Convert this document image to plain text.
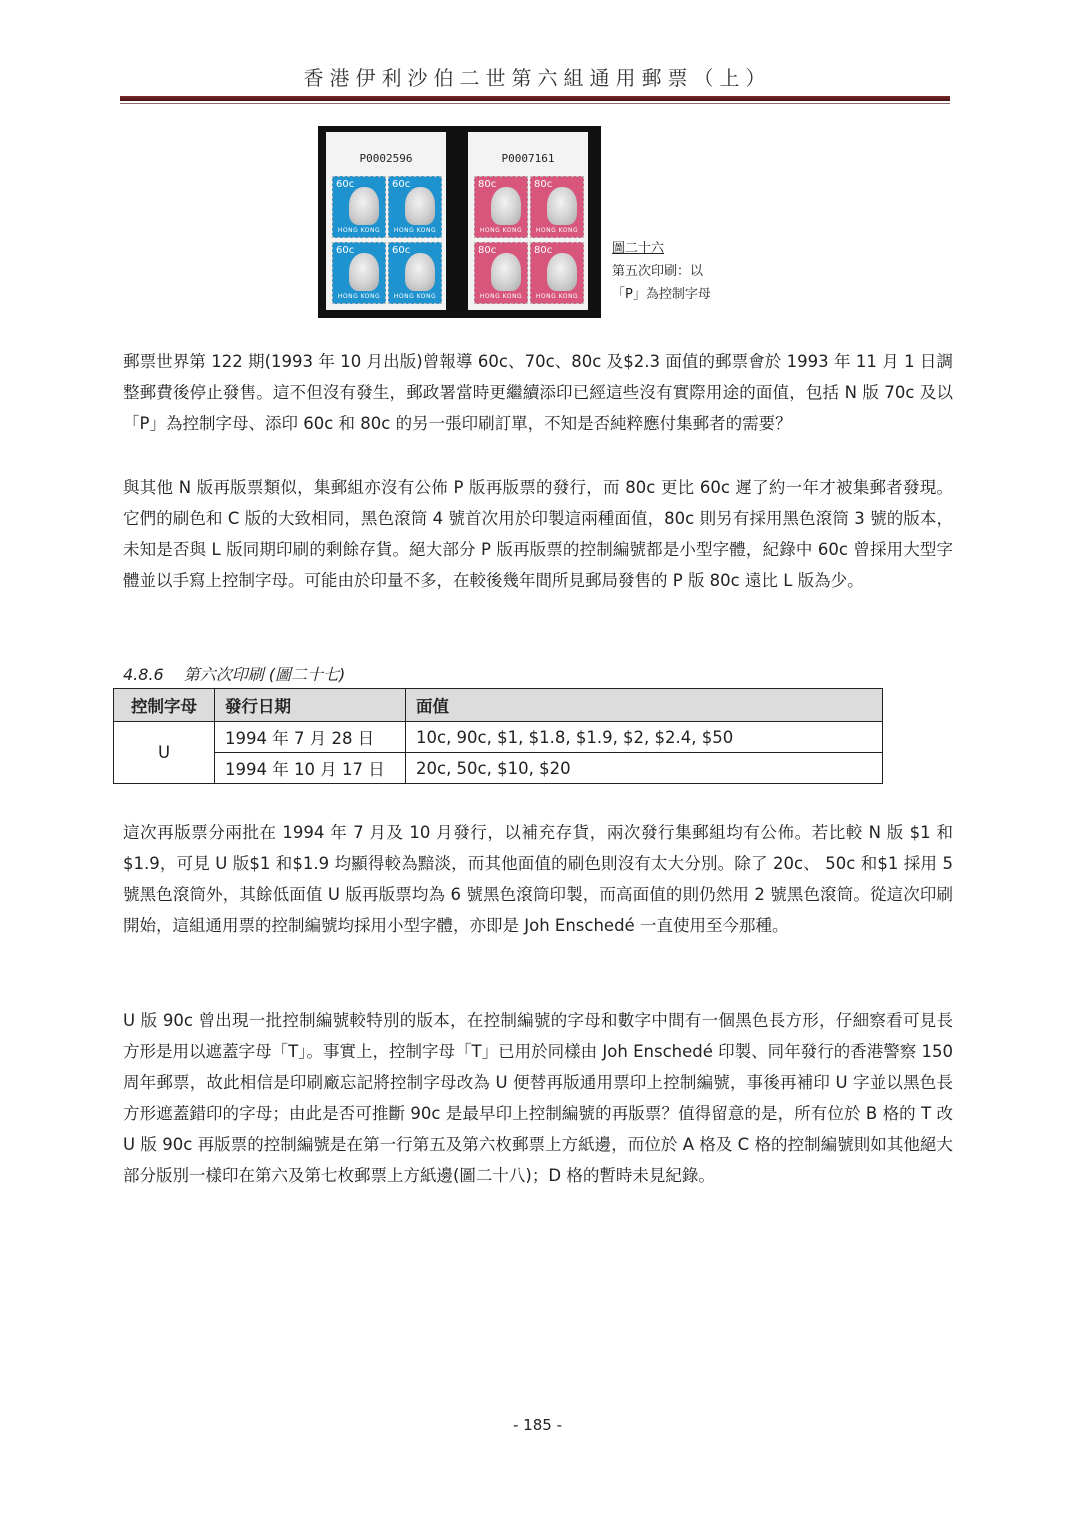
香港伊利沙伯二世第六組通用郵票（上）
P0002596
60c
HONG KONG
60c
HONG KONG
60c
HONG KONG
60c
HONG KONG
P0007161
80c
HONG KONG
80c
HONG KONG
80c
HONG KONG
80c
HONG KONG
圖二十六
第五次印刷：以
「P」為控制字母

郵票世界第 122 期(1993 年 10 月出版)曾報導 60c、70c、80c 及$2.3 面值的郵票會於 1993 年 11 月 1 日調整郵費後停止發售。這不但沒有發生，郵政署當時更繼續添印已經這些沒有實際用途的面值，包括 N 版 70c 及以「P」為控制字母、添印 60c 和 80c 的另一張印刷訂單，不知是否純粹應付集郵者的需要？

與其他 N 版再版票類似，集郵組亦沒有公佈 P 版再版票的發行，而 80c 更比 60c 遲了約一年才被集郵者發現。它們的刷色和 C 版的大致相同，黑色滾筒 4 號首次用於印製這兩種面值，80c 則另有採用黑色滾筒 3 號的版本，未知是否與 L 版同期印刷的剩餘存貨。絕大部分 P 版再版票的控制編號都是小型字體，紀錄中 60c 曾採用大型字體並以手寫上控制字母。可能由於印量不多，在較後幾年間所見郵局發售的 P 版 80c 遠比 L 版為少。

4.8.6 第六次印刷 (圖二十七)
控制字母	發行日期	面值
U	1994 年 7 月 28 日	10c, 90c, $1, $1.8, $1.9, $2, $2.4, $50
	1994 年 10 月 17 日	20c, 50c, $10, $20

這次再版票分兩批在 1994 年 7 月及 10 月發行，以補充存貨，兩次發行集郵組均有公佈。若比較 N 版 $1 和$1.9，可見 U 版$1 和$1.9 均顯得較為黯淡，而其他面值的刷色則沒有太大分別。除了 20c、 50c 和$1 採用 5 號黑色滾筒外，其餘低面值 U 版再版票均為 6 號黑色滾筒印製，而高面值的則仍然用 2 號黑色滾筒。從這次印刷開始，這組通用票的控制編號均採用小型字體，亦即是 Joh Enschedé 一直使用至今那種。

U 版 90c 曾出現一批控制編號較特別的版本，在控制編號的字母和數字中間有一個黑色長方形，仔細察看可見長方形是用以遮蓋字母「T」。事實上，控制字母「T」已用於同樣由 Joh Enschedé 印製、同年發行的香港警察 150 周年郵票，故此相信是印刷廠忘記將控制字母改為 U 便替再版通用票印上控制編號，事後再補印 U 字並以黑色長方形遮蓋錯印的字母；由此是否可推斷 90c 是最早印上控制編號的再版票？值得留意的是，所有位於 B 格的 T 改 U 版 90c 再版票的控制編號是在第一行第五及第六枚郵票上方紙邊，而位於 A 格及 C 格的控制編號則如其他絕大部分版別一樣印在第六及第七枚郵票上方紙邊(圖二十八)；D 格的暫時未見紀錄。

- 185 -
